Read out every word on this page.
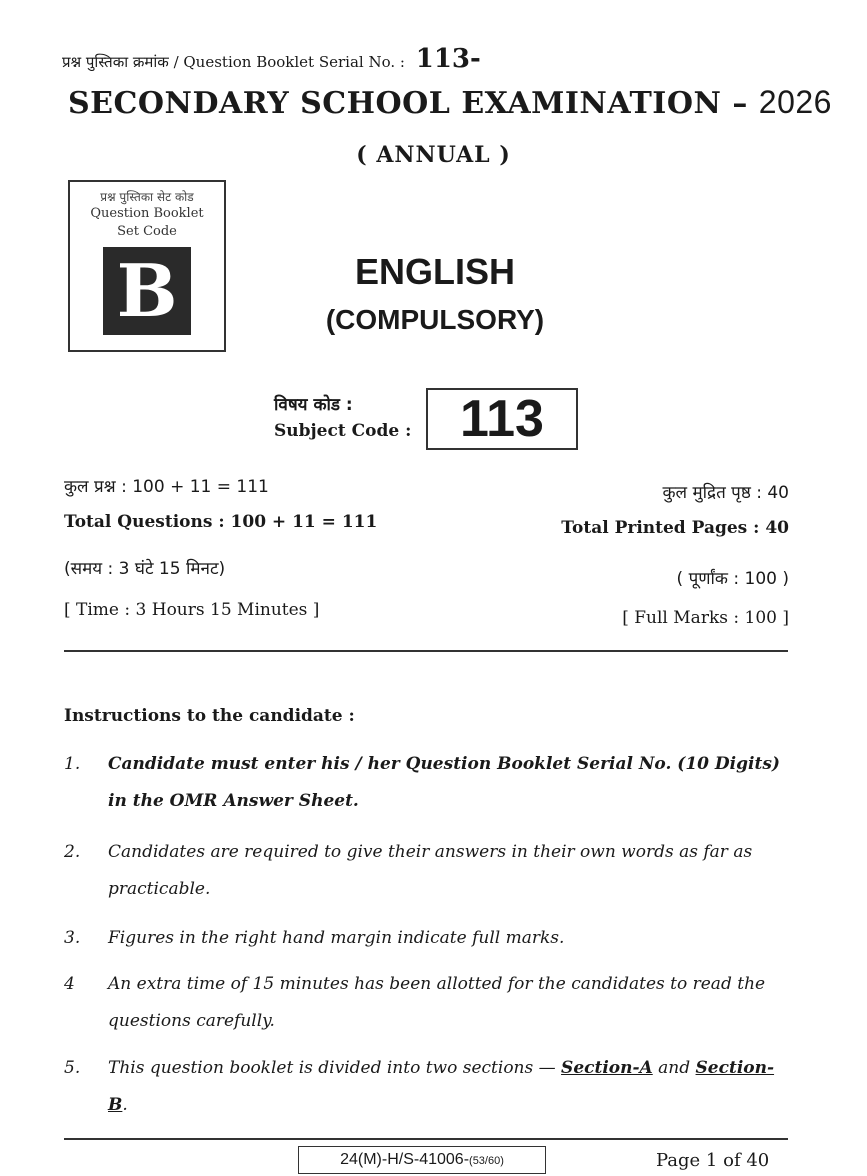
प्रश्न पुस्तिका क्रमांक / Question Booklet Serial No. : 113-
SECONDARY SCHOOL EXAMINATION – 2026
( ANNUAL )
प्रश्न पुस्तिका सेट कोड
Question Booklet
Set Code
B	ENGLISH
(COMPULSORY)
विषय कोड :
Subject Code : 113
कुल प्रश्न : 100 + 11 = 111
Total Questions : 100 + 11 = 111
(समय : 3 घंटे 15 मिनट)
[ Time : 3 Hours 15 Minutes ]
कुल मुद्रित पृष्ठ : 40
Total Printed Pages : 40
( पूर्णांक : 100 )
[ Full Marks : 100 ]
Instructions to the candidate :
1. Candidate must enter his / her Question Booklet Serial No. (10 Digits) in the OMR Answer Sheet.
2. Candidates are required to give their answers in their own words as far as practicable.
3. Figures in the right hand margin indicate full marks.
4 An extra time of 15 minutes has been allotted for the candidates to read the questions carefully.
5. This question booklet is divided into two sections — Section-A and Section-B.
24(M)-H/S-41006-(53/60)	Page 1 of 40
